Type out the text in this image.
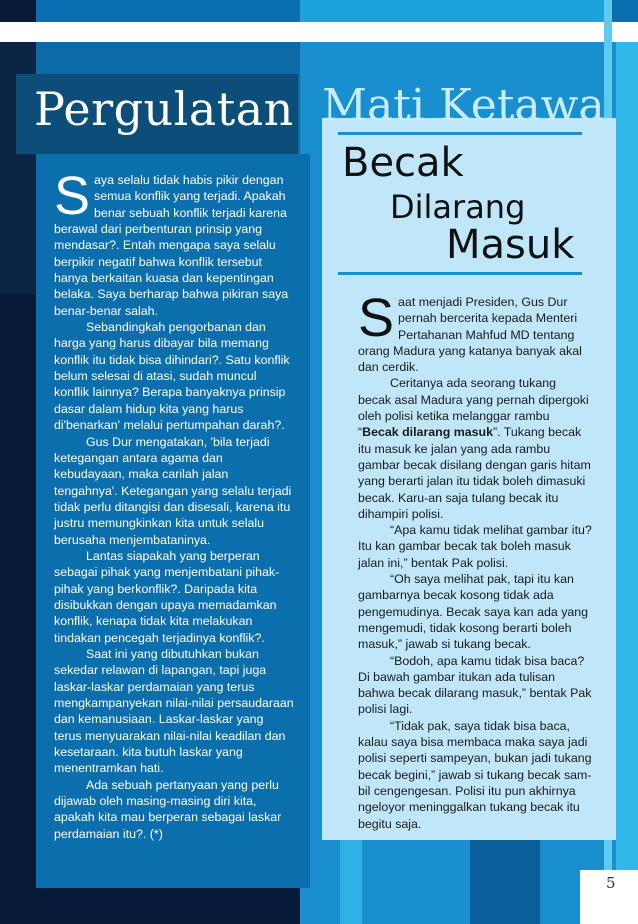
Pergulatan

Saya selalu tidak habis pikir dengan semua konflik yang terjadi. Apakah benar sebuah konflik terjadi karena berawal dari perbenturan prinsip yang mendasar?. Entah mengapa saya selalu berpikir negatif bahwa konflik tersebut hanya berkaitan kuasa dan kepentingan belaka. Saya berharap bahwa pikiran saya benar-benar salah.

Sebandingkah pengorbanan dan harga yang harus dibayar bila memang konflik itu tidak bisa dihindari?. Satu konflik belum selesai di atasi, sudah muncul konflik lainnya? Berapa banyaknya prinsip dasar dalam hidup kita yang harus di'benarkan' melalui pertumpahan darah?.

Gus Dur mengatakan, 'bila terjadi ketegangan antara agama dan kebudayaan, maka carilah jalan tengahnya'. Ketegangan yang selalu terjadi tidak perlu ditangisi dan disesali, karena itu justru memungkinkan kita untuk selalu berusaha menjembataninya.

Lantas siapakah yang berperan sebagai pihak yang menjembatani pihak-pihak yang berkonflik?. Daripada kita disibukkan dengan upaya memadamkan konflik, kenapa tidak kita melakukan tindakan pencegah terjadinya konflik?.

Saat ini yang dibutuhkan bukan sekedar relawan di lapangan, tapi juga laskar-laskar perdamaian yang terus mengkampanyekan nilai-nilai persaudaraan dan kemanusiaan. Laskar-laskar yang terus menyuarakan nilai-nilai keadilan dan kesetaraan. kita butuh laskar yang menentramkan hati.

Ada sebuah pertanyaan yang perlu dijawab oleh masing-masing diri kita, apakah kita mau berperan sebagai laskar perdamaian itu?. (*)

Mati Ketawa
Becak
Dilarang
Masuk

Saat menjadi Presiden, Gus Dur pernah bercerita kepada Menteri Pertahanan Mahfud MD tentang orang Madura yang katanya banyak akal dan cerdik.

Ceritanya ada seorang tukang becak asal Madura yang pernah dipergoki oleh polisi ketika melanggar rambu “Becak dilarang masuk”. Tukang becak itu masuk ke jalan yang ada rambu gambar becak disilang dengan garis hitam yang berarti jalan itu tidak boleh dimasuki becak. Karu-an saja tulang becak itu dihampiri polisi.

“Apa kamu tidak melihat gambar itu? Itu kan gambar becak tak boleh masuk jalan ini,” bentak Pak polisi.

“Oh saya melihat pak, tapi itu kan gambarnya becak kosong tidak ada pengemudinya. Becak saya kan ada yang mengemudi, tidak kosong berarti boleh masuk,” jawab si tukang becak.

“Bodoh, apa kamu tidak bisa baca? Di bawah gambar itukan ada tulisan bahwa becak dilarang masuk,” bentak Pak polisi lagi.

“Tidak pak, saya tidak bisa baca, kalau saya bisa membaca maka saya jadi polisi seperti sampeyan, bukan jadi tukang becak begini,” jawab si tukang becak sam-bil cengengesan. Polisi itu pun akhirnya ngeloyor meninggalkan tukang becak itu begitu saja.

5
